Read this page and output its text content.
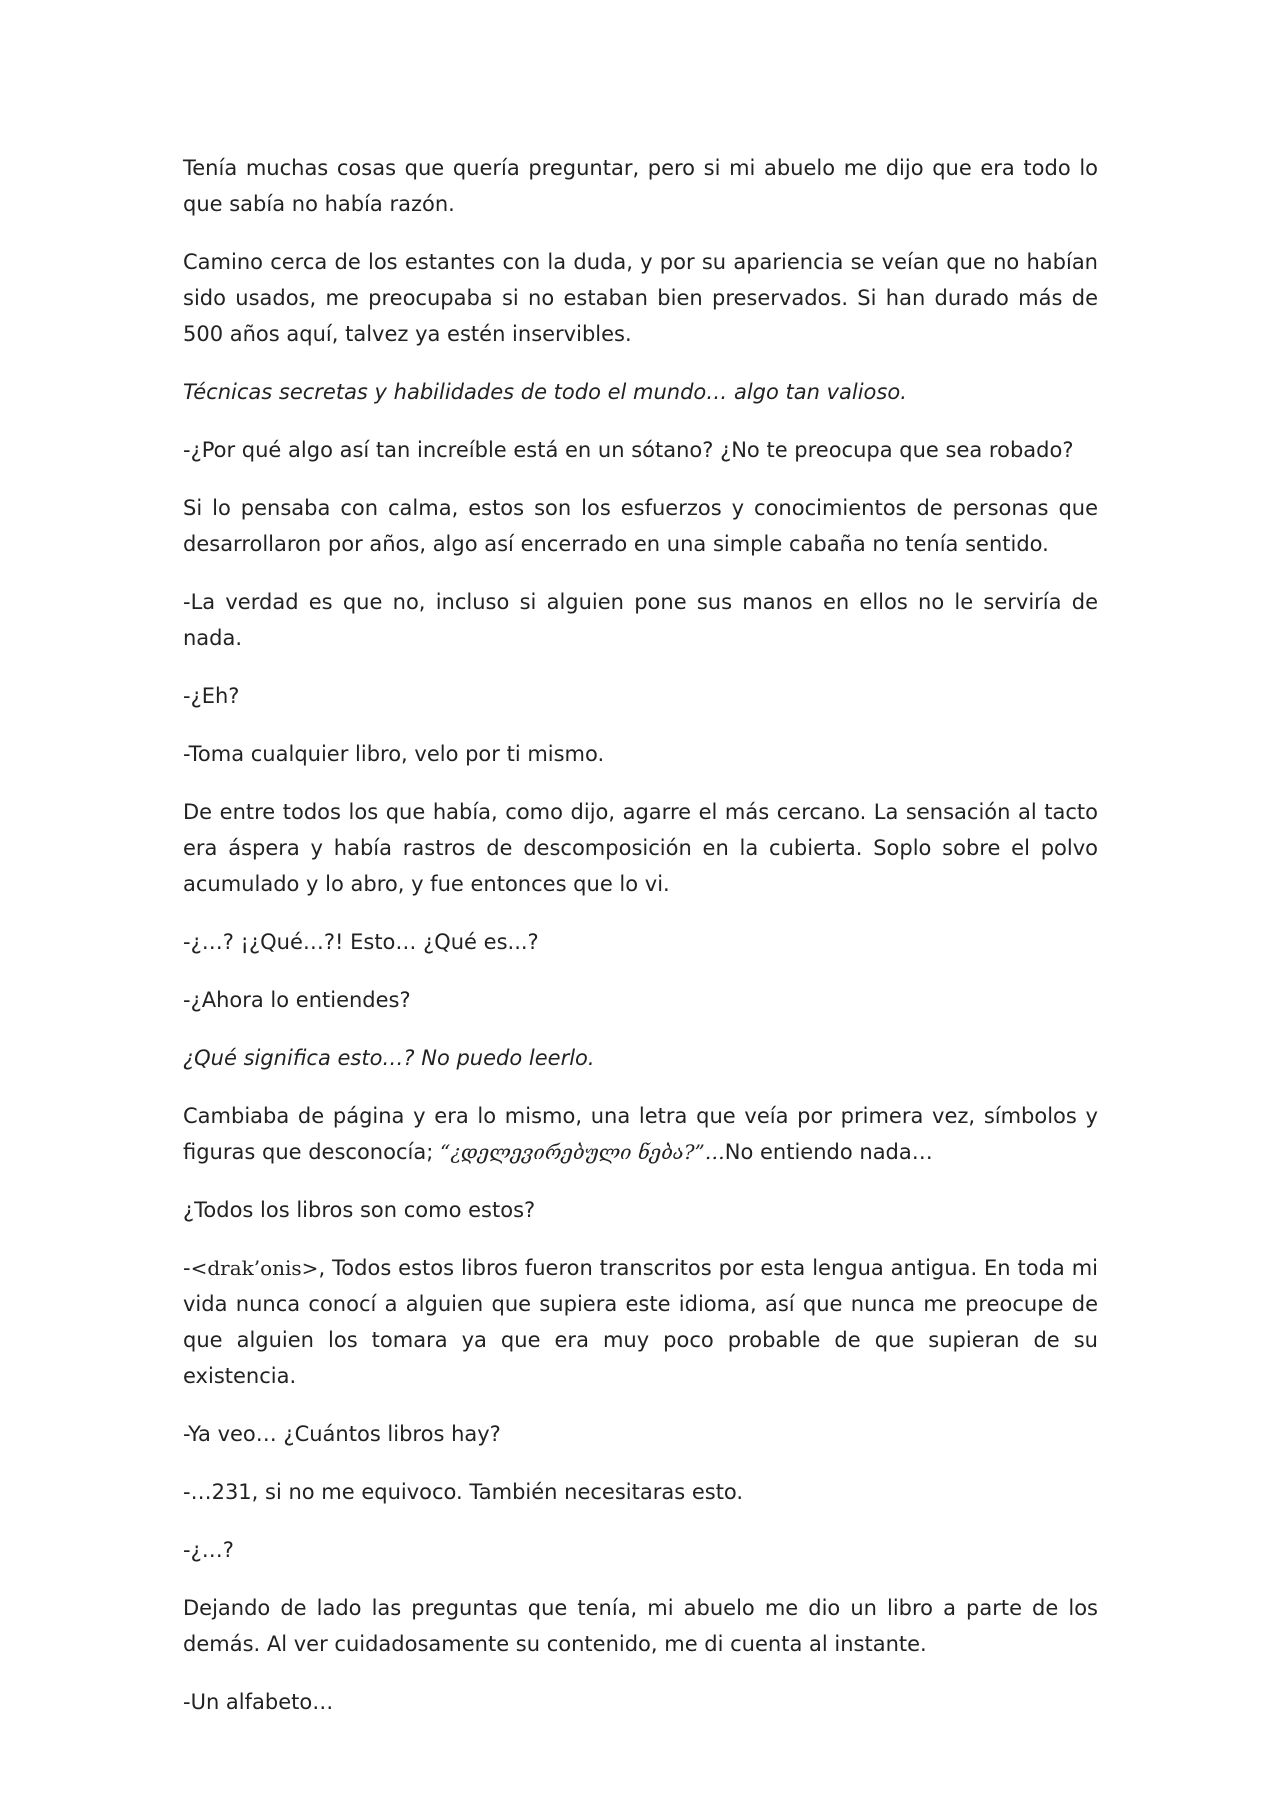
Tenía muchas cosas que quería preguntar, pero si mi abuelo me dijo que era todo lo que sabía no había razón.

Camino cerca de los estantes con la duda, y por su apariencia se veían que no habían sido usados, me preocupaba si no estaban bien preservados. Si han durado más de 500 años aquí, talvez ya estén inservibles.

Técnicas secretas y habilidades de todo el mundo… algo tan valioso.

-¿Por qué algo así tan increíble está en un sótano? ¿No te preocupa que sea robado?

Si lo pensaba con calma, estos son los esfuerzos y conocimientos de personas que desarrollaron por años, algo así encerrado en una simple cabaña no tenía sentido.

-La verdad es que no, incluso si alguien pone sus manos en ellos no le serviría de nada.

-¿Eh?

-Toma cualquier libro, velo por ti mismo.

De entre todos los que había, como dijo, agarre el más cercano. La sensación al tacto era áspera y había rastros de descomposición en la cubierta. Soplo sobre el polvo acumulado y lo abro, y fue entonces que lo vi.

-¿…? ¡¿Qué…?! Esto… ¿Qué es...?

-¿Ahora lo entiendes?

¿Qué significa esto…? No puedo leerlo.

Cambiaba de página y era lo mismo, una letra que veía por primera vez, símbolos y figuras que desconocía; “¿დელევირებული ნება?”…No entiendo nada…

¿Todos los libros son como estos?

-<drak’onis>, Todos estos libros fueron transcritos por esta lengua antigua. En toda mi vida nunca conocí a alguien que supiera este idioma, así que nunca me preocupe de que alguien los tomara ya que era muy poco probable de que supieran de su existencia.

-Ya veo… ¿Cuántos libros hay?

-…231, si no me equivoco. También necesitaras esto.

-¿…?

Dejando de lado las preguntas que tenía, mi abuelo me dio un libro a parte de los demás. Al ver cuidadosamente su contenido, me di cuenta al instante.

-Un alfabeto…
